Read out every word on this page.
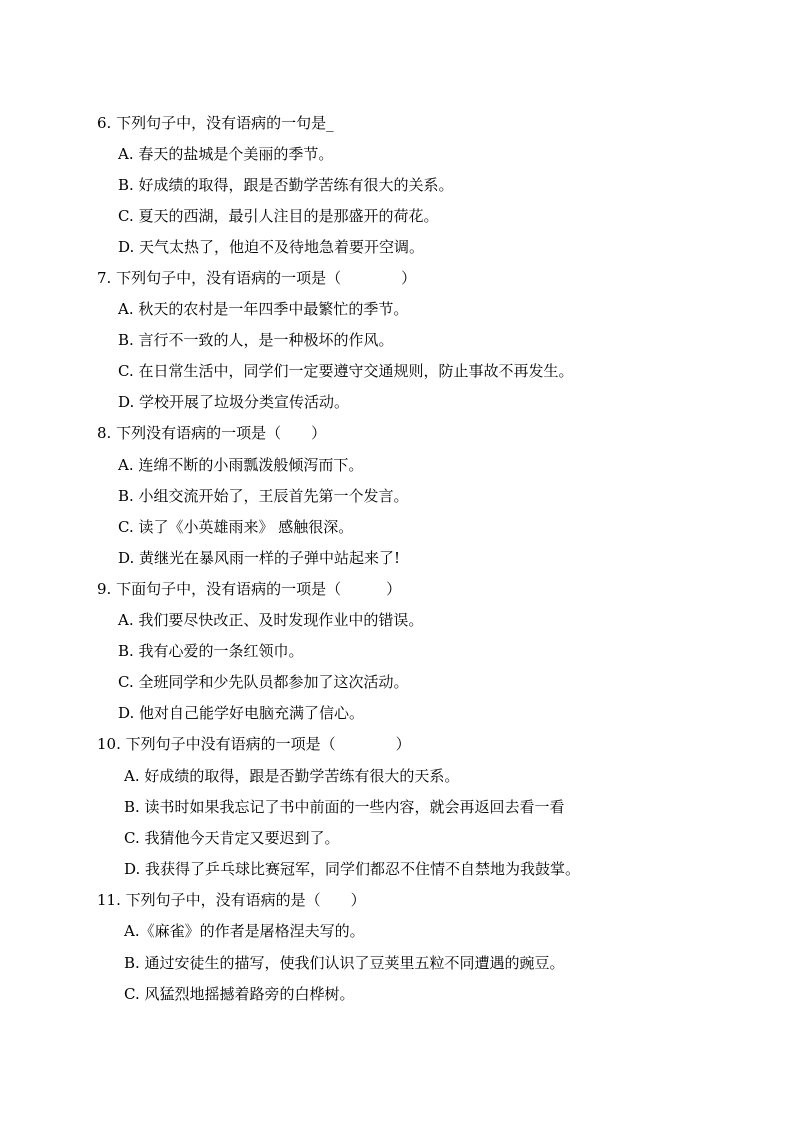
6. 下列句子中，没有语病的一句是_
A. 春天的盐城是个美丽的季节。
B. 好成绩的取得，跟是否勤学苦练有很大的关系。
C. 夏天的西湖，最引人注目的是那盛开的荷花。
D. 天气太热了，他迫不及待地急着要开空调。
7. 下列句子中，没有语病的一项是（　　　　）
A. 秋天的农村是一年四季中最繁忙的季节。
B. 言行不一致的人，是一种极坏的作风。
C. 在日常生活中，同学们一定要遵守交通规则，防止事故不再发生。
D. 学校开展了垃圾分类宣传活动。
8. 下列没有语病的一项是（　　）
A. 连绵不断的小雨瓢泼般倾泻而下。
B. 小组交流开始了，王辰首先第一个发言。
C. 读了《小英雄雨来》 感触很深。
D. 黄继光在暴风雨一样的子弹中站起来了!
9. 下面句子中，没有语病的一项是（　　　）
A. 我们要尽快改正、及时发现作业中的错误。
B. 我有心爱的一条红领巾。
C. 全班同学和少先队员都参加了这次活动。
D. 他对自己能学好电脑充满了信心。
10. 下列句子中没有语病的一项是（　　　　）
A. 好成绩的取得，跟是否勤学苦练有很大的天系。
B. 读书时如果我忘记了书中前面的一些内容，就会再返回去看一看
C. 我猜他今天肯定又要迟到了。
D. 我获得了乒乓球比赛冠军，同学们都忍不住情不自禁地为我鼓掌。
11. 下列句子中，没有语病的是（　　）
A.《麻雀》的作者是屠格涅夫写的。
B. 通过安徒生的描写，使我们认识了豆荚里五粒不同遭遇的豌豆。
C. 风猛烈地摇撼着路旁的白桦树。
